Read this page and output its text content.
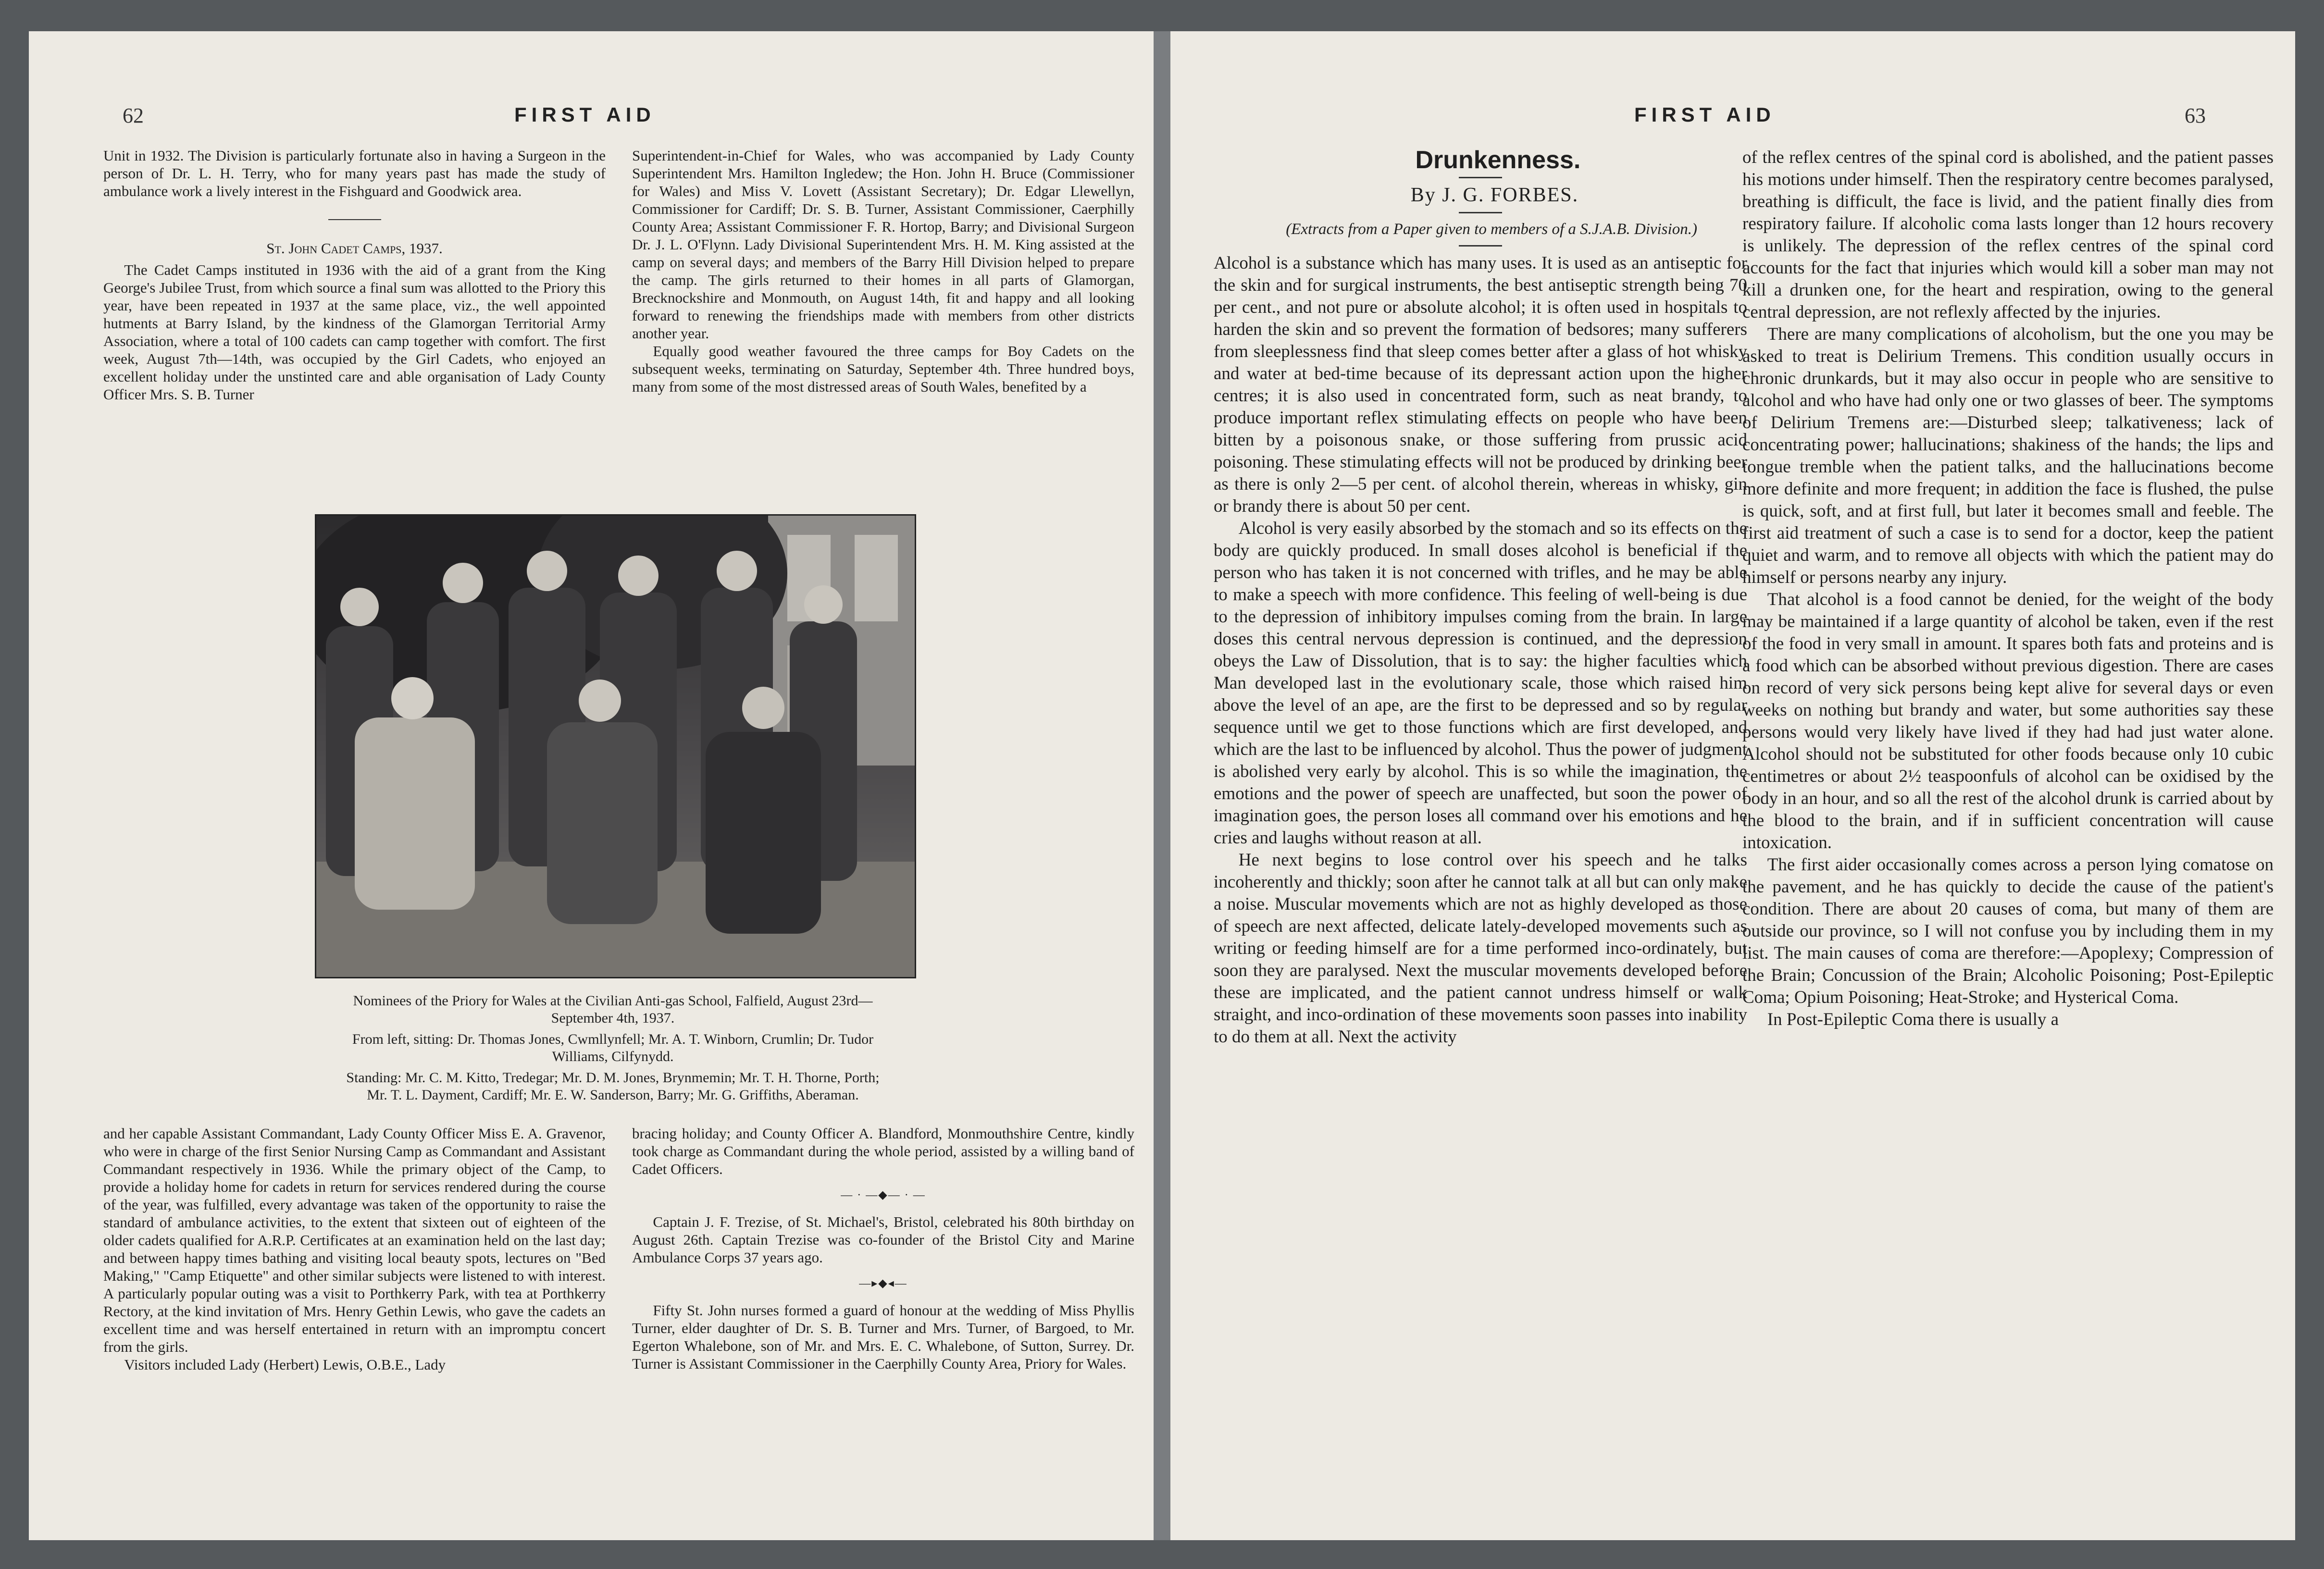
62	FIRST AID

Unit in 1932. The Division is particularly fortunate also in having a Surgeon in the person of Dr. L. H. Terry, who for many years past has made the study of ambulance work a lively interest in the Fishguard and Goodwick area.

St. John Cadet Camps, 1937.

The Cadet Camps instituted in 1936 with the aid of a grant from the King George's Jubilee Trust, from which source a final sum was allotted to the Priory this year, have been repeated in 1937 at the same place, viz., the well appointed hutments at Barry Island, by the kindness of the Glamorgan Territorial Army Association, where a total of 100 cadets can camp together with comfort. The first week, August 7th—14th, was occupied by the Girl Cadets, who enjoyed an excellent holiday under the unstinted care and able organisation of Lady County Officer Mrs. S. B. Turner

Superintendent-in-Chief for Wales, who was accompanied by Lady County Superintendent Mrs. Hamilton Ingledew; the Hon. John H. Bruce (Commissioner for Wales) and Miss V. Lovett (Assistant Secretary); Dr. Edgar Llewellyn, Commissioner for Cardiff; Dr. S. B. Turner, Assistant Commissioner, Caerphilly County Area; Assistant Commissioner F. R. Hortop, Barry; and Divisional Surgeon Dr. J. L. O'Flynn. Lady Divisional Superintendent Mrs. H. M. King assisted at the camp on several days; and members of the Barry Hill Division helped to prepare the camp. The girls returned to their homes in all parts of Glamorgan, Brecknockshire and Monmouth, on August 14th, fit and happy and all looking forward to renewing the friendships made with members from other districts another year.

Equally good weather favoured the three camps for Boy Cadets on the subsequent weeks, terminating on Saturday, September 4th. Three hundred boys, many from some of the most distressed areas of South Wales, benefited by a

Nominees of the Priory for Wales at the Civilian Anti-gas School, Falfield, August 23rd—September 4th, 1937.

From left, sitting: Dr. Thomas Jones, Cwmllynfell; Mr. A. T. Winborn, Crumlin; Dr. Tudor Williams, Cilfynydd.

Standing: Mr. C. M. Kitto, Tredegar; Mr. D. M. Jones, Brynmemin; Mr. T. H. Thorne, Porth; Mr. T. L. Dayment, Cardiff; Mr. E. W. Sanderson, Barry; Mr. G. Griffiths, Aberaman.

and her capable Assistant Commandant, Lady County Officer Miss E. A. Gravenor, who were in charge of the first Senior Nursing Camp as Commandant and Assistant Commandant respectively in 1936. While the primary object of the Camp, to provide a holiday home for cadets in return for services rendered during the course of the year, was fulfilled, every advantage was taken of the opportunity to raise the standard of ambulance activities, to the extent that sixteen out of eighteen of the older cadets qualified for A.R.P. Certificates at an examination held on the last day; and between happy times bathing and visiting local beauty spots, lectures on "Bed Making," "Camp Etiquette" and other similar subjects were listened to with interest. A particularly popular outing was a visit to Porthkerry Park, with tea at Porthkerry Rectory, at the kind invitation of Mrs. Henry Gethin Lewis, who gave the cadets an excellent time and was herself entertained in return with an impromptu concert from the girls.

Visitors included Lady (Herbert) Lewis, O.B.E., Lady

bracing holiday; and County Officer A. Blandford, Monmouthshire Centre, kindly took charge as Commandant during the whole period, assisted by a willing band of Cadet Officers.

— · —◆— · —

Captain J. F. Trezise, of St. Michael's, Bristol, celebrated his 80th birthday on August 26th. Captain Trezise was co-founder of the Bristol City and Marine Ambulance Corps 37 years ago.

—▸◆◂—

Fifty St. John nurses formed a guard of honour at the wedding of Miss Phyllis Turner, elder daughter of Dr. S. B. Turner and Mrs. Turner, of Bargoed, to Mr. Egerton Whalebone, son of Mr. and Mrs. E. C. Whalebone, of Sutton, Surrey. Dr. Turner is Assistant Commissioner in the Caerphilly County Area, Priory for Wales.

FIRST AID	63

Drunkenness.

By J. G. FORBES.

(Extracts from a Paper given to members of a S.J.A.B. Division.)

Alcohol is a substance which has many uses. It is used as an antiseptic for the skin and for surgical instruments, the best antiseptic strength being 70 per cent., and not pure or absolute alcohol; it is often used in hospitals to harden the skin and so prevent the formation of bedsores; many sufferers from sleeplessness find that sleep comes better after a glass of hot whisky and water at bed-time because of its depressant action upon the higher centres; it is also used in concentrated form, such as neat brandy, to produce important reflex stimulating effects on people who have been bitten by a poisonous snake, or those suffering from prussic acid poisoning. These stimulating effects will not be produced by drinking beer as there is only 2—5 per cent. of alcohol therein, whereas in whisky, gin or brandy there is about 50 per cent.

Alcohol is very easily absorbed by the stomach and so its effects on the body are quickly produced. In small doses alcohol is beneficial if the person who has taken it is not concerned with trifles, and he may be able to make a speech with more confidence. This feeling of well-being is due to the depression of inhibitory impulses coming from the brain. In large doses this central nervous depression is continued, and the depression obeys the Law of Dissolution, that is to say: the higher faculties which Man developed last in the evolutionary scale, those which raised him above the level of an ape, are the first to be depressed and so by regular sequence until we get to those functions which are first developed, and which are the last to be influenced by alcohol. Thus the power of judgment is abolished very early by alcohol. This is so while the imagination, the emotions and the power of speech are unaffected, but soon the power of imagination goes, the person loses all command over his emotions and he cries and laughs without reason at all.

He next begins to lose control over his speech and he talks incoherently and thickly; soon after he cannot talk at all but can only make a noise. Muscular movements which are not as highly developed as those of speech are next affected, delicate lately-developed movements such as writing or feeding himself are for a time performed inco-ordinately, but soon they are paralysed. Next the muscular movements developed before these are implicated, and the patient cannot undress himself or walk straight, and inco-ordination of these movements soon passes into inability to do them at all. Next the activity

of the reflex centres of the spinal cord is abolished, and the patient passes his motions under himself. Then the respiratory centre becomes paralysed, breathing is difficult, the face is livid, and the patient finally dies from respiratory failure. If alcoholic coma lasts longer than 12 hours recovery is unlikely. The depression of the reflex centres of the spinal cord accounts for the fact that injuries which would kill a sober man may not kill a drunken one, for the heart and respiration, owing to the general central depression, are not reflexly affected by the injuries.

There are many complications of alcoholism, but the one you may be asked to treat is Delirium Tremens. This condition usually occurs in chronic drunkards, but it may also occur in people who are sensitive to alcohol and who have had only one or two glasses of beer. The symptoms of Delirium Tremens are:—Disturbed sleep; talkativeness; lack of concentrating power; hallucinations; shakiness of the hands; the lips and tongue tremble when the patient talks, and the hallucinations become more definite and more frequent; in addition the face is flushed, the pulse is quick, soft, and at first full, but later it becomes small and feeble. The first aid treatment of such a case is to send for a doctor, keep the patient quiet and warm, and to remove all objects with which the patient may do himself or persons nearby any injury.

That alcohol is a food cannot be denied, for the weight of the body may be maintained if a large quantity of alcohol be taken, even if the rest of the food in very small in amount. It spares both fats and proteins and is a food which can be absorbed without previous digestion. There are cases on record of very sick persons being kept alive for several days or even weeks on nothing but brandy and water, but some authorities say these persons would very likely have lived if they had had just water alone. Alcohol should not be substituted for other foods because only 10 cubic centimetres or about 2½ teaspoonfuls of alcohol can be oxidised by the body in an hour, and so all the rest of the alcohol drunk is carried about by the blood to the brain, and if in sufficient concentration will cause intoxication.

The first aider occasionally comes across a person lying comatose on the pavement, and he has quickly to decide the cause of the patient's condition. There are about 20 causes of coma, but many of them are outside our province, so I will not confuse you by including them in my list. The main causes of coma are therefore:—Apoplexy; Compression of the Brain; Concussion of the Brain; Alcoholic Poisoning; Post-Epileptic Coma; Opium Poisoning; Heat-Stroke; and Hysterical Coma.

In Post-Epileptic Coma there is usually a
